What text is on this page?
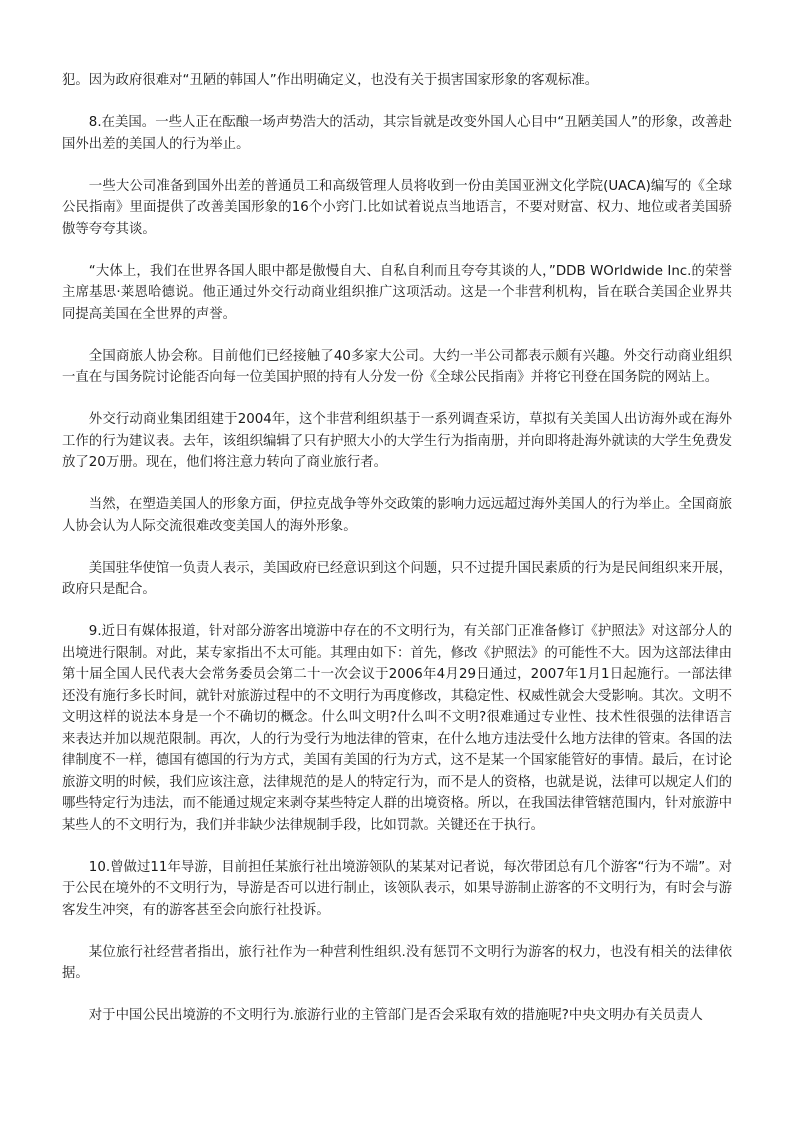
犯。因为政府很难对“丑陋的韩国人”作出明确定义，也没有关于损害国家形象的客观标准。

8.在美国。一些人正在酝酿一场声势浩大的活动，其宗旨就是改变外国人心目中“丑陋美国人”的形象，改善赴国外出差的美国人的行为举止。

一些大公司准备到国外出差的普通员工和高级管理人员将收到一份由美国亚洲文化学院(UACA)编写的《全球公民指南》里面提供了改善美国形象的16个小窍门.比如试着说点当地语言，不要对财富、权力、地位或者美国骄傲等夸夸其谈。

“大体上，我们在世界各国人眼中都是傲慢自大、自私自利而且夸夸其谈的人，”DDB WOrldwide Inc.的荣誉主席基思·莱恩哈德说。他正通过外交行动商业组织推广这项活动。这是一个非营利机构，旨在联合美国企业界共同提高美国在全世界的声誉。

全国商旅人协会称。目前他们已经接触了40多家大公司。大约一半公司都表示颇有兴趣。外交行动商业组织一直在与国务院讨论能否向每一位美国护照的持有人分发一份《全球公民指南》并将它刊登在国务院的网站上。

外交行动商业集团组建于2004年，这个非营利组织基于一系列调查采访，草拟有关美国人出访海外或在海外工作的行为建议表。去年，该组织编辑了只有护照大小的大学生行为指南册，并向即将赴海外就读的大学生免费发放了20万册。现在，他们将注意力转向了商业旅行者。

当然，在塑造美国人的形象方面，伊拉克战争等外交政策的影响力远远超过海外美国人的行为举止。全国商旅人协会认为人际交流很难改变美国人的海外形象。

美国驻华使馆一负责人表示，美国政府已经意识到这个问题，只不过提升国民素质的行为是民间组织来开展，政府只是配合。

9.近日有媒体报道，针对部分游客出境游中存在的不文明行为，有关部门正准备修订《护照法》对这部分人的出境进行限制。对此，某专家指出不太可能。其理由如下：首先，修改《护照法》的可能性不大。因为这部法律由第十届全国人民代表大会常务委员会第二十一次会议于2006年4月29日通过，2007年1月1日起施行。一部法律还没有施行多长时间，就针对旅游过程中的不文明行为再度修改，其稳定性、权威性就会大受影响。其次。文明不文明这样的说法本身是一个不确切的概念。什么叫文明?什么叫不文明?很难通过专业性、技术性很强的法律语言来表达并加以规范限制。再次，人的行为受行为地法律的管束，在什么地方违法受什么地方法律的管束。各国的法律制度不一样，德国有德国的行为方式，美国有美国的行为方式，这不是某一个国家能管好的事情。最后，在讨论旅游文明的时候，我们应该注意，法律规范的是人的特定行为，而不是人的资格，也就是说，法律可以规定人们的哪些特定行为违法，而不能通过规定来剥夺某些特定人群的出境资格。所以，在我国法律管辖范围内，针对旅游中某些人的不文明行为，我们并非缺少法律规制手段，比如罚款。关键还在于执行。

10.曾做过11年导游，目前担任某旅行社出境游领队的某某对记者说，每次带团总有几个游客“行为不端”。对于公民在境外的不文明行为，导游是否可以进行制止，该领队表示，如果导游制止游客的不文明行为，有时会与游客发生冲突，有的游客甚至会向旅行社投诉。

某位旅行社经营者指出，旅行社作为一种营利性组织.没有惩罚不文明行为游客的权力，也没有相关的法律依据。

对于中国公民出境游的不文明行为.旅游行业的主管部门是否会采取有效的措施呢?中央文明办有关员责人
